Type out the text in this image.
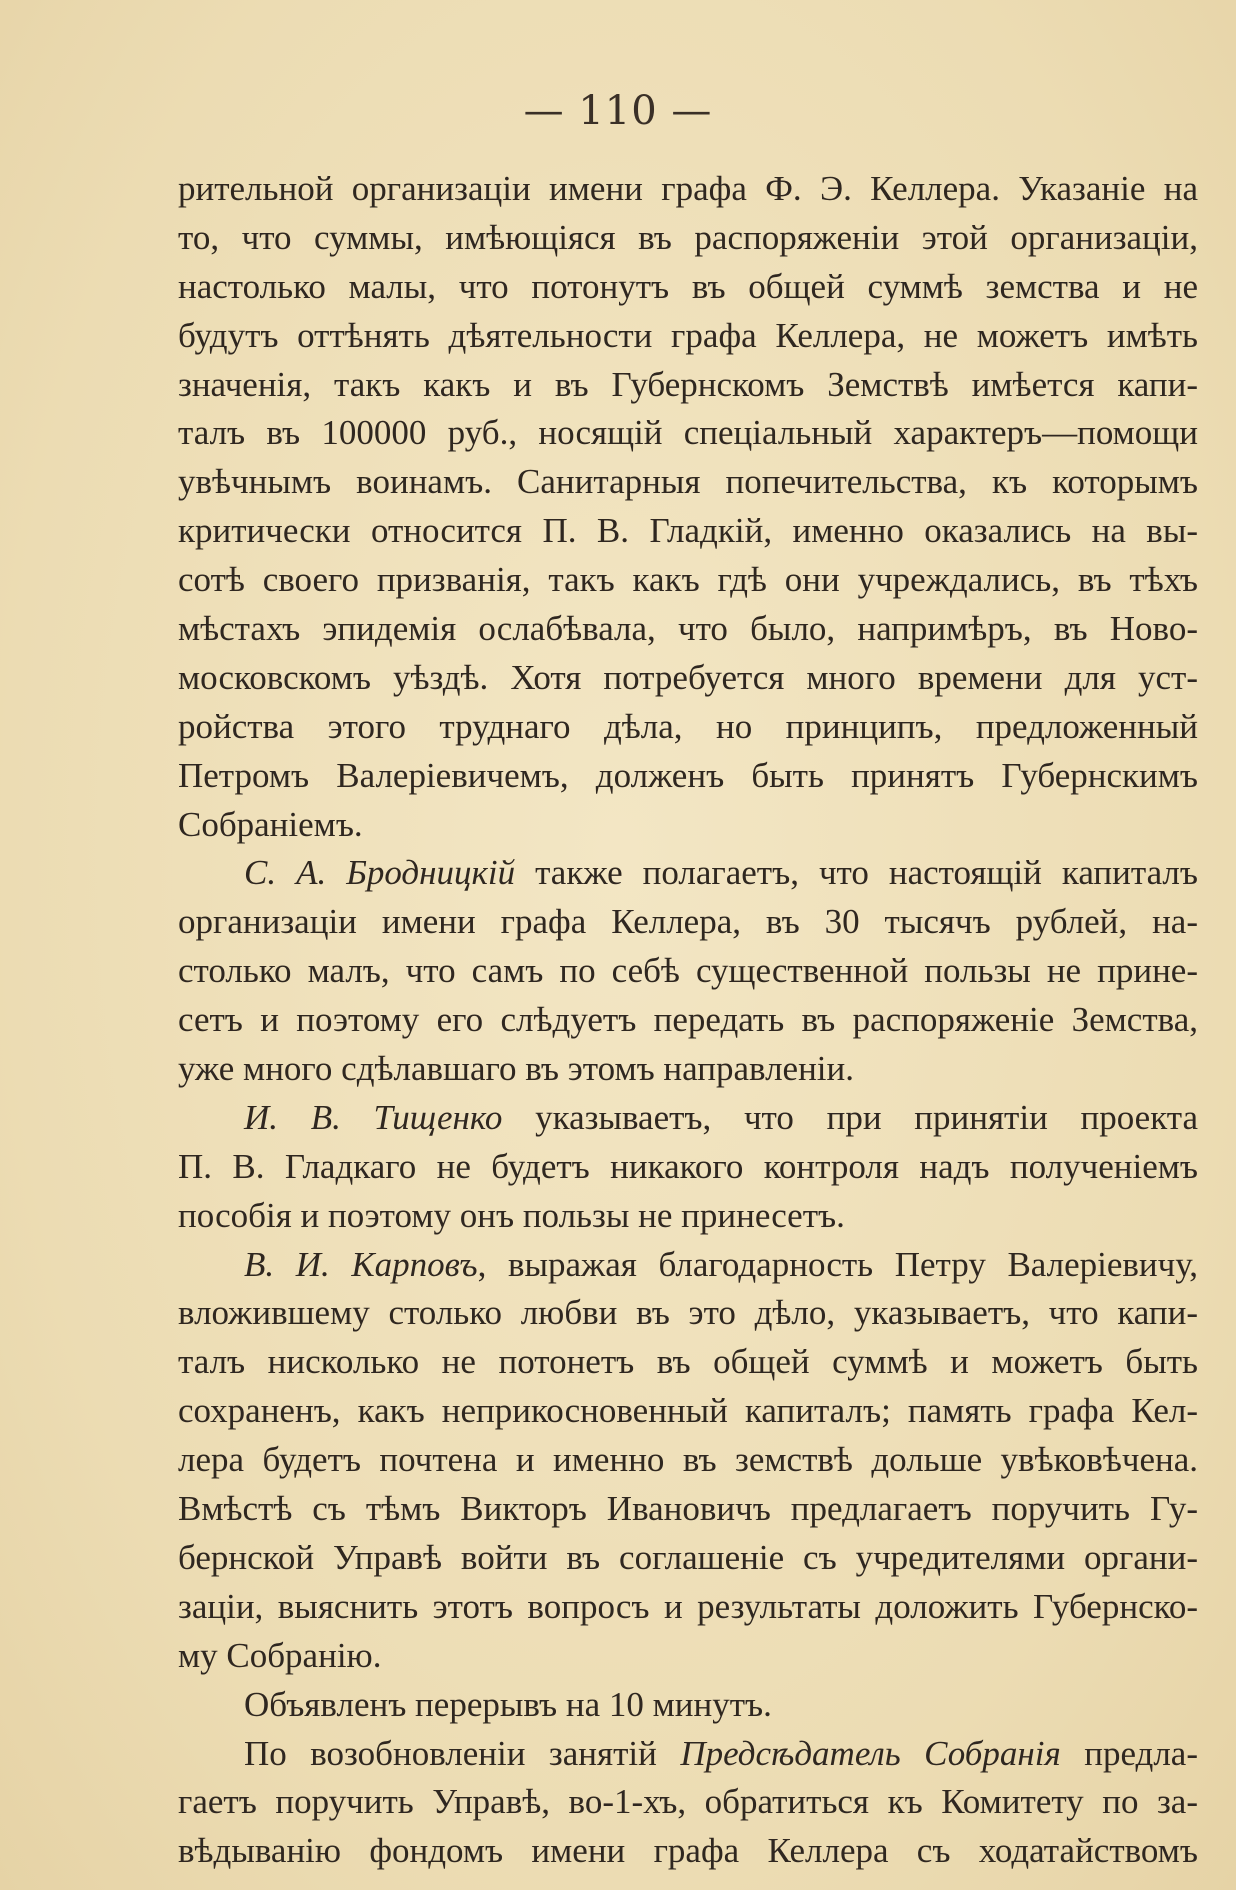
— 110 —
рительной организацiи имени графа Ф. Э. Келлера. Указанiе на
то, что суммы, имѣющiяся въ распоряженiи этой организацiи,
настолько малы, что потонутъ въ общей суммѣ земства и не
будутъ оттѣнять дѣятельности графа Келлера, не можетъ имѣть
значенiя, такъ какъ и въ Губернскомъ Земствѣ имѣется капи-
талъ въ 100000 руб., носящiй спецiальный характеръ—помощи
увѣчнымъ воинамъ. Санитарныя попечительства, къ которымъ
критически относится П. В. Гладкiй, именно оказались на вы-
сотѣ своего призванiя, такъ какъ гдѣ они учреждались, въ тѣхъ
мѣстахъ эпидемiя ослабѣвала, что было, напримѣръ, въ Ново-
московскомъ уѣздѣ. Хотя потребуется много времени для уст-
ройства этого труднаго дѣла, но принципъ, предложенный
Петромъ Валерiевичемъ, долженъ быть принятъ Губернскимъ
Собранiемъ.
С. А. Бродницкiй также полагаетъ, что настоящiй капиталъ
организацiи имени графа Келлера, въ 30 тысячъ рублей, на-
столько малъ, что самъ по себѣ существенной пользы не прине-
сетъ и поэтому его слѣдуетъ передать въ распоряженiе Земства,
уже много сдѣлавшаго въ этомъ направленiи.
И. В. Тищенко указываетъ, что при принятiи проекта
П. В. Гладкаго не будетъ никакого контроля надъ полученiемъ
пособiя и поэтому онъ пользы не принесетъ.
В. И. Карповъ, выражая благодарность Петру Валерiевичу,
вложившему столько любви въ это дѣло, указываетъ, что капи-
талъ нисколько не потонетъ въ общей суммѣ и можетъ быть
сохраненъ, какъ неприкосновенный капиталъ; память графа Кел-
лера будетъ почтена и именно въ земствѣ дольше увѣковѣчена.
Вмѣстѣ съ тѣмъ Викторъ Ивановичъ предлагаетъ поручить Гу-
бернской Управѣ войти въ соглашенiе съ учредителями органи-
зацiи, выяснить этотъ вопросъ и результаты доложить Губернско-
му Собранiю.
Объявленъ перерывъ на 10 минутъ.
По возобновленiи занятiй Предсѣдатель Собранiя предла-
гаетъ поручить Управѣ, во-1-хъ, обратиться къ Комитету по за-
вѣдыванiю фондомъ имени графа Келлера съ ходатайствомъ
